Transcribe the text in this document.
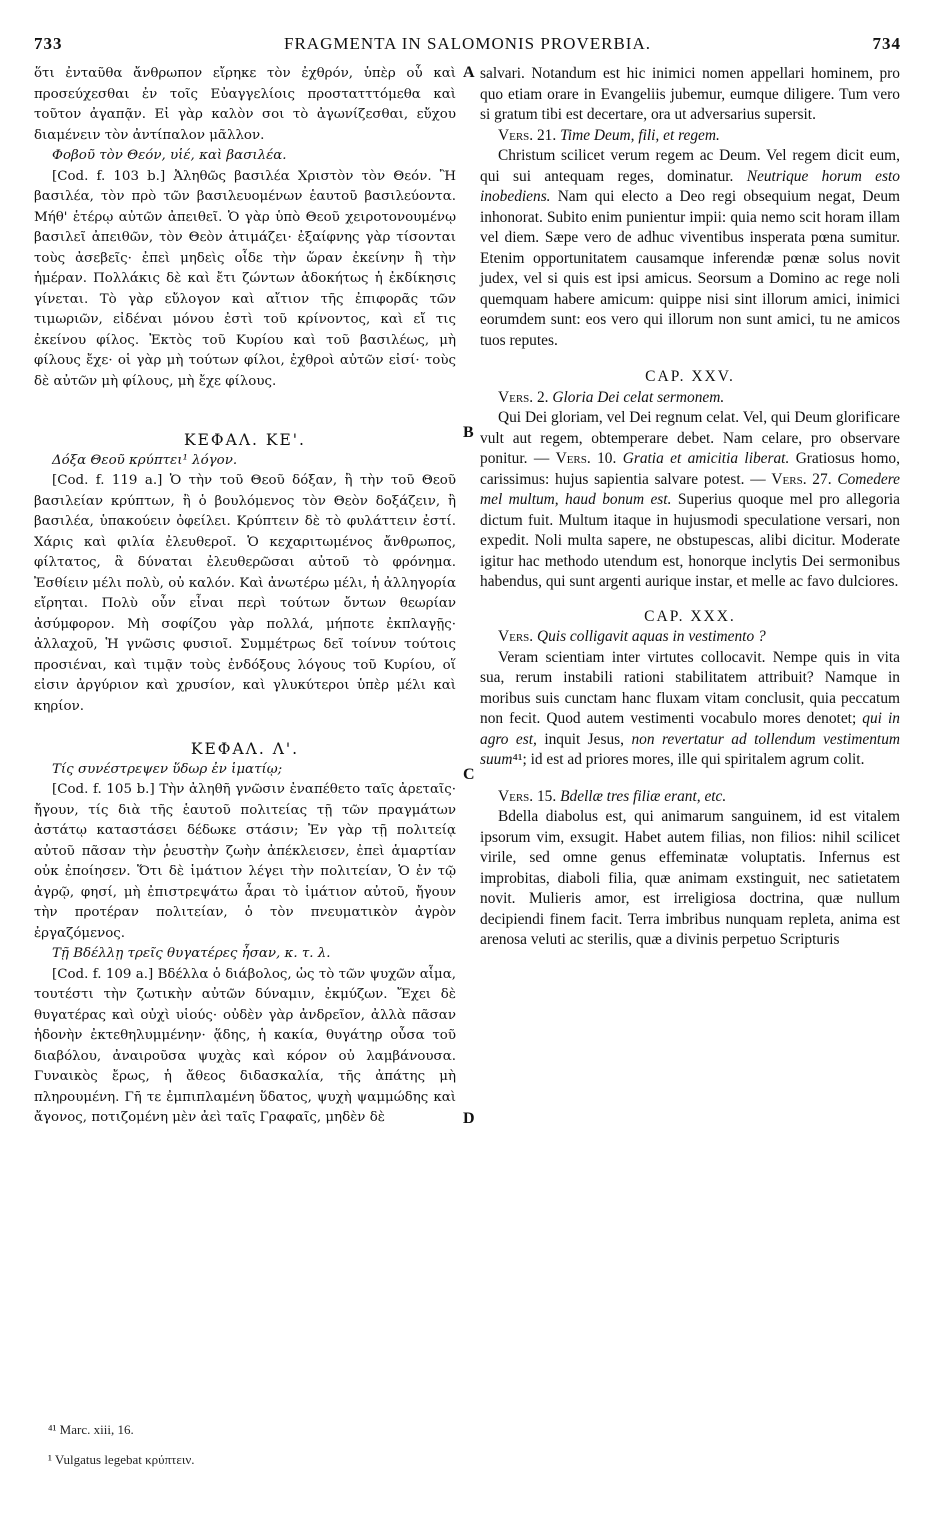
733	FRAGMENTA IN SALOMONIS PROVERBIA.	734

ὅτι ἐνταῦθα ἄνθρωπον εἴρηκε τὸν ἐχθρόν, ὑπὲρ οὗ καὶ προσεύχεσθαι ἐν τοῖς Εὐαγγελίοις προστατττόμεθα καὶ τοῦτον ἀγαπᾷν. Εἰ γὰρ καλὸν σοι τὸ ἀγωνίζεσθαι, εὔχου διαμένειν τὸν ἀντίπαλον μᾶλλον.

Φοβοῦ τὸν Θεόν, υἱέ, καὶ βασιλέα.

[Cod. f. 103 b.] Ἀληθῶς βασιλέα Χριστὸν τὸν Θεόν. Ἢ βασιλέα, τὸν πρὸ τῶν βασιλευομένων ἑαυτοῦ βασιλεύοντα. Μήθ' ἑτέρῳ αὐτῶν ἀπειθεῖ. Ὁ γὰρ ὑπὸ Θεοῦ χειροτονουμένῳ βασιλεῖ ἀπειθῶν, τὸν Θεὸν ἀτιμάζει· ἐξαίφνης γὰρ τίσονται τοὺς ἀσεβεῖς· ἐπεὶ μηδεὶς οἶδε τὴν ὥραν ἐκείνην ἢ τὴν ἡμέραν. Πολλάκις δὲ καὶ ἔτι ζώντων ἀδοκήτως ἡ ἐκδίκησις γίνεται. Τὸ γὰρ εὔλογον καὶ αἴτιον τῆς ἐπιφορᾶς τῶν τιμωριῶν, εἰδέναι μόνου ἐστὶ τοῦ κρίνοντος, καὶ εἴ τις ἐκείνου φίλος. Ἐκτὸς τοῦ Κυρίου καὶ τοῦ βασιλέως, μὴ φίλους ἔχε· οἱ γὰρ μὴ τούτων φίλοι, ἐχθροὶ αὐτῶν εἰσί· τοὺς δὲ αὐτῶν μὴ φίλους, μὴ ἔχε φίλους.

ΚΕΦΑΛ. ΚΕ'.

Δόξα Θεοῦ κρύπτει¹ λόγον.

[Cod. f. 119 a.] Ὁ τὴν τοῦ Θεοῦ δόξαν, ἢ τὴν τοῦ Θεοῦ βασιλείαν κρύπτων, ἢ ὁ βουλόμενος τὸν Θεὸν δοξάζειν, ἢ βασιλέα, ὑπακούειν ὀφείλει. Κρύπτειν δὲ τὸ φυλάττειν ἐστί. Χάρις καὶ φιλία ἐλευθεροῖ. Ὁ κεχαριτωμένος ἄνθρωπος, φίλτατος, ἃ δύναται ἐλευθερῶσαι αὐτοῦ τὸ φρόνημα. Ἐσθίειν μέλι πολὺ, οὐ καλόν. Καὶ ἀνωτέρω μέλι, ἡ ἀλληγορία εἴρηται. Πολὺ οὖν εἶναι περὶ τούτων ὄντων θεωρίαν ἀσύμφορον. Μὴ σοφίζου γὰρ πολλά, μήποτε ἐκπλαγῇς· ἀλλαχοῦ, Ἡ γνῶσις φυσιοῖ. Συμμέτρως δεῖ τοίνυν τούτοις προσιέναι, καὶ τιμᾷν τοὺς ἐνδόξους λόγους τοῦ Κυρίου, οἵ εἰσιν ἀργύριον καὶ χρυσίον, καὶ γλυκύτεροι ὑπὲρ μέλι καὶ κηρίον.

ΚΕΦΑΛ. Λ'.

Τίς συνέστρεψεν ὕδωρ ἐν ἱματίῳ;

[Cod. f. 105 b.] Τὴν ἀληθῆ γνῶσιν ἐναπέθετο ταῖς ἀρεταῖς· ἤγουν, τίς διὰ τῆς ἑαυτοῦ πολιτείας τῇ τῶν πραγμάτων ἀστάτῳ καταστάσει δέδωκε στάσιν; Ἐν γὰρ τῇ πολιτείᾳ αὐτοῦ πᾶσαν τὴν ῥευστὴν ζωὴν ἀπέκλεισεν, ἐπεὶ ἁμαρτίαν οὐκ ἐποίησεν. Ὅτι δὲ ἱμάτιον λέγει τὴν πολιτείαν, Ὁ ἐν τῷ ἀγρῷ, φησί, μὴ ἐπιστρεψάτω ἆραι τὸ ἱμάτιον αὐτοῦ, ἤγουν τὴν προτέραν πολιτείαν, ὁ τὸν πνευματικὸν ἀγρὸν ἐργαζόμενος.

Τῇ Βδέλλῃ τρεῖς θυγατέρες ἦσαν, κ. τ. λ.

[Cod. f. 109 a.] Βδέλλα ὁ διάβολος, ὡς τὸ τῶν ψυχῶν αἷμα, τουτέστι τὴν ζωτικὴν αὐτῶν δύναμιν, ἐκμύζων. Ἔχει δὲ θυγατέρας καὶ οὐχὶ υἱούς· οὐδὲν γὰρ ἀνδρεῖον, ἀλλὰ πᾶσαν ἡδονὴν ἐκτεθηλυμμένην· ᾅδης, ἡ κακία, θυγάτηρ οὖσα τοῦ διαβόλου, ἀναιροῦσα ψυχὰς καὶ κόρον οὐ λαμβάνουσα. Γυναικὸς ἔρως, ἡ ἄθεος διδασκαλία, τῆς ἀπάτης μὴ πληρουμένη. Γῆ τε ἐμπιπλαμένη ὕδατος, ψυχὴ ψαμμώδης καὶ ἄγονος, ποτιζομένη μὲν ἀεὶ ταῖς Γραφαῖς, μηδὲν δὲ

A
B
C
D

salvari. Notandum est hic inimici nomen appellari hominem, pro quo etiam orare in Evangeliis jubemur, eumque diligere. Tum vero si gratum tibi est decertare, ora ut adversarius supersit.

Vers. 21. Time Deum, fili, et regem.

Christum scilicet verum regem ac Deum. Vel regem dicit eum, qui sui antequam reges, dominatur. Neutrique horum esto inobediens. Nam qui electo a Deo regi obsequium negat, Deum inhonorat. Subito enim punientur impii: quia nemo scit horam illam vel diem. Sæpe vero de adhuc viventibus insperata pœna sumitur. Etenim opportunitatem causamque inferendæ pœnæ solus novit judex, vel si quis est ipsi amicus. Seorsum a Domino ac rege noli quemquam habere amicum: quippe nisi sint illorum amici, inimici eorumdem sunt: eos vero qui illorum non sunt amici, tu ne amicos tuos reputes.

CAP. XXV.

Vers. 2. Gloria Dei celat sermonem.

Qui Dei gloriam, vel Dei regnum celat. Vel, qui Deum glorificare vult aut regem, obtemperare debet. Nam celare, pro observare ponitur. — Vers. 10. Gratia et amicitia liberat. Gratiosus homo, carissimus: hujus sapientia salvare potest. — Vers. 27. Comedere mel multum, haud bonum est. Superius quoque mel pro allegoria dictum fuit. Multum itaque in hujusmodi speculatione versari, non expedit. Noli multa sapere, ne obstupescas, alibi dicitur. Moderate igitur hac methodo utendum est, honorque inclytis Dei sermonibus habendus, qui sunt argenti aurique instar, et melle ac favo dulciores.

CAP. XXX.

Vers. Quis colligavit aquas in vestimento ?

Veram scientiam inter virtutes collocavit. Nempe quis in vita sua, rerum instabili rationi stabilitatem attribuit? Namque in moribus suis cunctam hanc fluxam vitam conclusit, quia peccatum non fecit. Quod autem vestimenti vocabulo mores denotet; qui in agro est, inquit Jesus, non revertatur ad tollendum vestimentum suum⁴¹; id est ad priores mores, ille qui spiritalem agrum colit.

Vers. 15. Bdellæ tres filiæ erant, etc.

Bdella diabolus est, qui animarum sanguinem, id est vitalem ipsorum vim, exsugit. Habet autem filias, non filios: nihil scilicet virile, sed omne genus effeminatæ voluptatis. Infernus est improbitas, diaboli filia, quæ animam exstinguit, nec satietatem novit. Mulieris amor, est irreligiosa doctrina, quæ nullum decipiendi finem facit. Terra imbribus nunquam repleta, anima est arenosa veluti ac sterilis, quæ a divinis perpetuo Scripturis

⁴¹ Marc. xiii, 16.
¹ Vulgatus legebat κρύπτειν.
